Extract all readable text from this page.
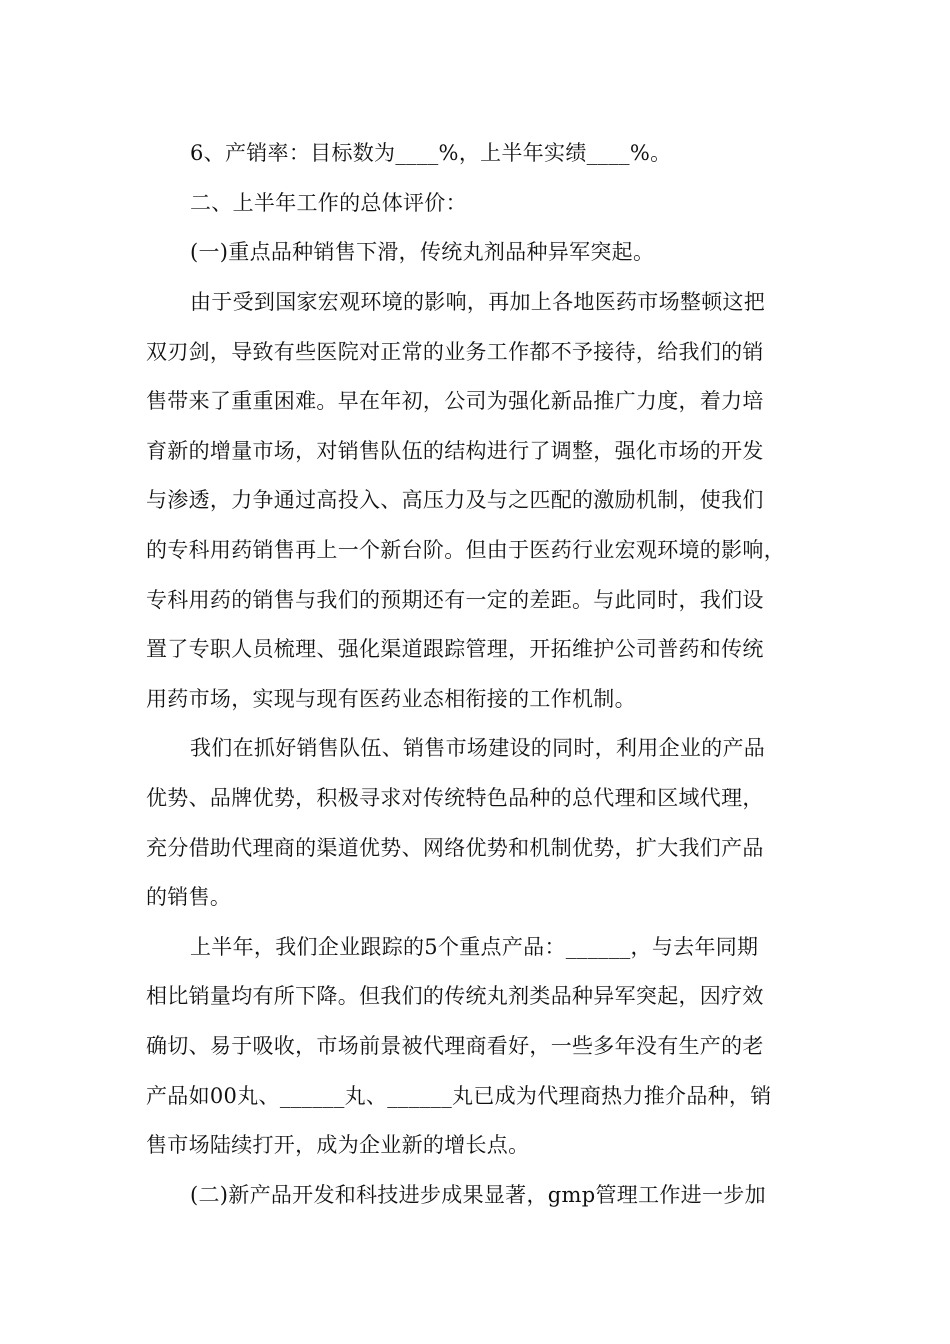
6、产销率：目标数为____%，上半年实绩____%。

二、上半年工作的总体评价：

(一)重点品种销售下滑，传统丸剂品种异军突起。

由于受到国家宏观环境的影响，再加上各地医药市场整顿这把

双刃剑，导致有些医院对正常的业务工作都不予接待，给我们的销

售带来了重重困难。早在年初，公司为强化新品推广力度，着力培

育新的增量市场，对销售队伍的结构进行了调整，强化市场的开发

与渗透，力争通过高投入、高压力及与之匹配的激励机制，使我们

的专科用药销售再上一个新台阶。但由于医药行业宏观环境的影响，

专科用药的销售与我们的预期还有一定的差距。与此同时，我们设

置了专职人员梳理、强化渠道跟踪管理，开拓维护公司普药和传统

用药市场，实现与现有医药业态相衔接的工作机制。

我们在抓好销售队伍、销售市场建设的同时，利用企业的产品

优势、品牌优势，积极寻求对传统特色品种的总代理和区域代理，

充分借助代理商的渠道优势、网络优势和机制优势，扩大我们产品

的销售。

上半年，我们企业跟踪的5个重点产品：______，与去年同期

相比销量均有所下降。但我们的传统丸剂类品种异军突起，因疗效

确切、易于吸收，市场前景被代理商看好，一些多年没有生产的老

产品如00丸、______丸、______丸已成为代理商热力推介品种，销

售市场陆续打开，成为企业新的增长点。

(二)新产品开发和科技进步成果显著，gmp管理工作进一步加
